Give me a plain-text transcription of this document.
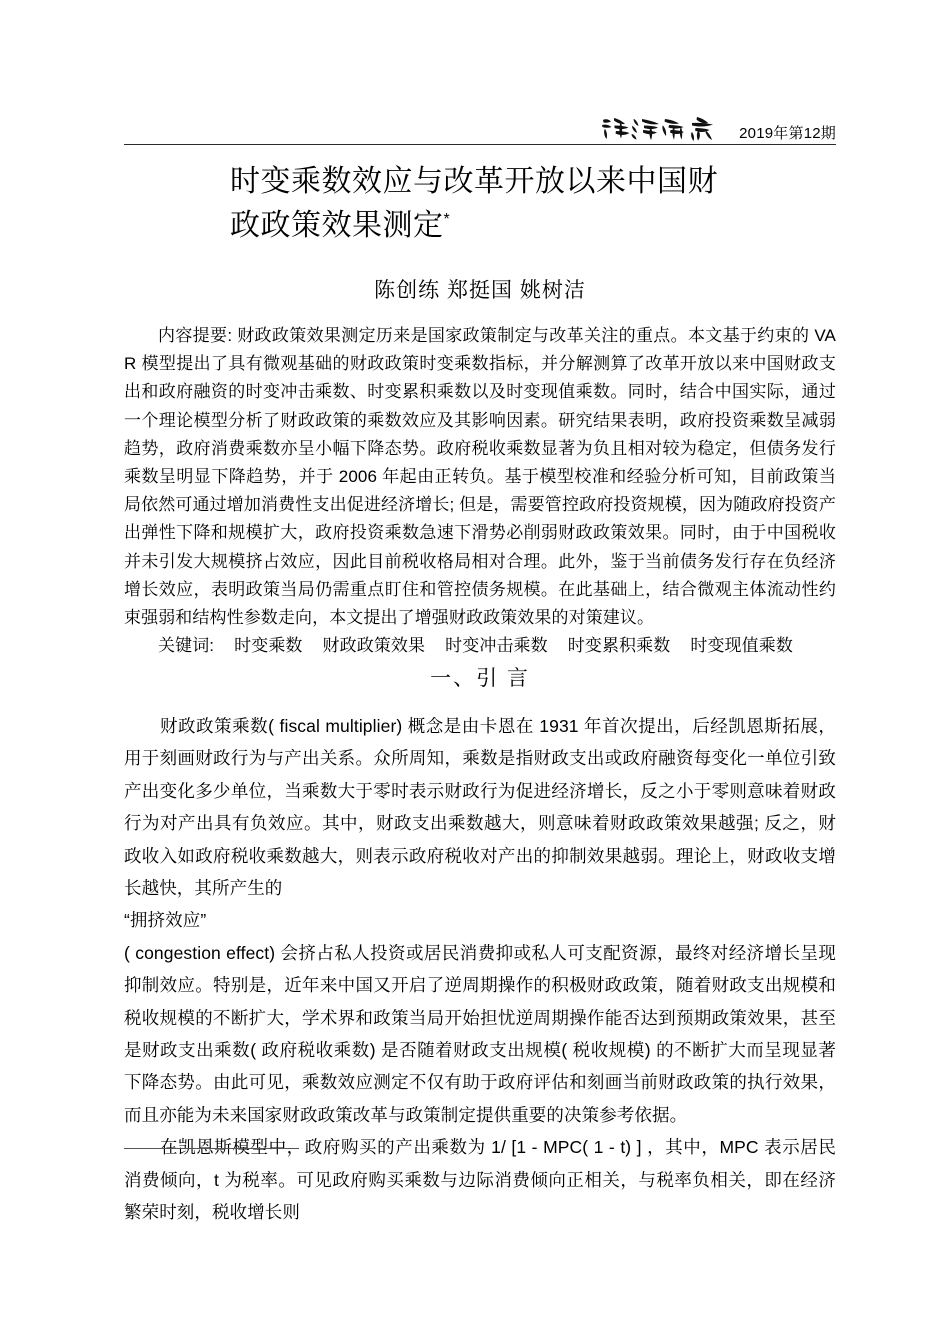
2019年第12期
时变乘数效应与改革开放以来中国财政政策效果测定*
陈创练 郑挺国 姚树洁

内容提要: 财政政策效果测定历来是国家政策制定与改革关注的重点。本文基于约束的 VA R 模型提出了具有微观基础的财政政策时变乘数指标，并分解测算了改革开放以来中国财政支出和政府融资的时变冲击乘数、时变累积乘数以及时变现值乘数。同时，结合中国实际，通过一个理论模型分析了财政政策的乘数效应及其影响因素。研究结果表明，政府投资乘数呈减弱趋势，政府消费乘数亦呈小幅下降态势。政府税收乘数显著为负且相对较为稳定，但债务发行乘数呈明显下降趋势，并于 2006 年起由正转负。基于模型校准和经验分析可知，目前政策当局依然可通过增加消费性支出促进经济增长; 但是，需要管控政府投资规模，因为随政府投资产出弹性下降和规模扩大，政府投资乘数急速下滑势必削弱财政政策效果。同时，由于中国税收并未引发大规模挤占效应，因此目前税收格局相对合理。此外，鉴于当前债务发行存在负经济增长效应，表明政策当局仍需重点盯住和管控债务规模。在此基础上，结合微观主体流动性约束强弱和结构性参数走向，本文提出了增强财政政策效果的对策建议。

关键词: 时变乘数 财政政策效果 时变冲击乘数 时变累积乘数 时变现值乘数

一、引 言

财政政策乘数( fiscal multiplier) 概念是由卡恩在 1931 年首次提出，后经凯恩斯拓展，用于刻画财政行为与产出关系。众所周知，乘数是指财政支出或政府融资每变化一单位引致产出变化多少单位，当乘数大于零时表示财政行为促进经济增长，反之小于零则意味着财政行为对产出具有负效应。其中，财政支出乘数越大，则意味着财政政策效果越强; 反之，财政收入如政府税收乘数越大，则表示政府税收对产出的抑制效果越弱。理论上，财政收支增长越快，其所产生的

“拥挤效应”

( congestion effect) 会挤占私人投资或居民消费抑或私人可支配资源，最终对经济增长呈现抑制效应。特别是，近年来中国又开启了逆周期操作的积极财政政策，随着财政支出规模和税收规模的不断扩大，学术界和政策当局开始担忧逆周期操作能否达到预期政策效果，甚至是财政支出乘数( 政府税收乘数) 是否随着财政支出规模( 税收规模) 的不断扩大而呈现显著下降态势。由此可见，乘数效应测定不仅有助于政府评估和刻画当前财政政策的执行效果，而且亦能为未来国家财政政策改革与政策制定提供重要的决策参考依据。

在凯恩斯模型中，政府购买的产出乘数为 1/ [1 - MPC( 1 - t) ] ，其中，MPC 表示居民消费倾向，t 为税率。可见政府购买乘数与边际消费倾向正相关，与税率负相关，即在经济繁荣时刻，税收增长则
